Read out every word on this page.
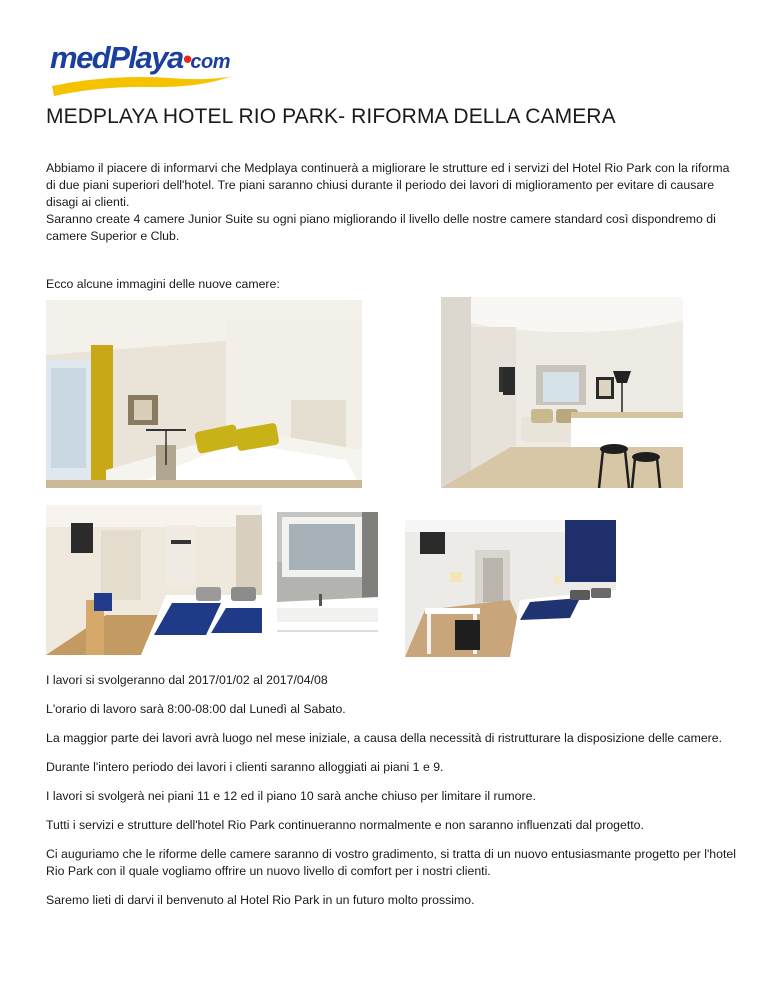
medPlaya•com
MEDPLAYA HOTEL RIO PARK- RIFORMA DELLA CAMERA

Abbiamo il piacere di informarvi che Medplaya continuerà a migliorare le strutture ed i servizi del Hotel Rio Park con la riforma di due piani superiori dell'hotel. Tre piani saranno chiusi durante il periodo dei lavori di miglioramento per evitare di causare disagi ai clienti.

Saranno create 4 camere Junior Suite su ogni piano migliorando il livello delle nostre camere standard così dispondremo di camere Superior e Club.

Ecco alcune immagini delle nuove camere:

I lavori si svolgeranno dal 2017/01/02 al 2017/04/08

L'orario di lavoro sarà 8:00-08:00 dal Lunedì al Sabato.

La maggior parte dei lavori avrà luogo nel mese iniziale, a causa della necessità di ristrutturare la disposizione delle camere.

Durante l'intero periodo dei lavori i clienti saranno alloggiati ai piani 1 e 9.

I lavori si svolgerà nei piani 11 e 12 ed il piano 10 sarà anche chiuso per limitare il rumore.

Tutti i servizi e strutture dell'hotel Rio Park continueranno normalmente e non saranno influenzati dal progetto.

Ci auguriamo che le riforme delle camere saranno di vostro gradimento, si tratta di un nuovo entusiasmante progetto per l'hotel Rio Park con il quale vogliamo offrire un nuovo livello di comfort per i nostri clienti.

Saremo lieti di darvi il benvenuto al Hotel Rio Park in un futuro molto prossimo.
